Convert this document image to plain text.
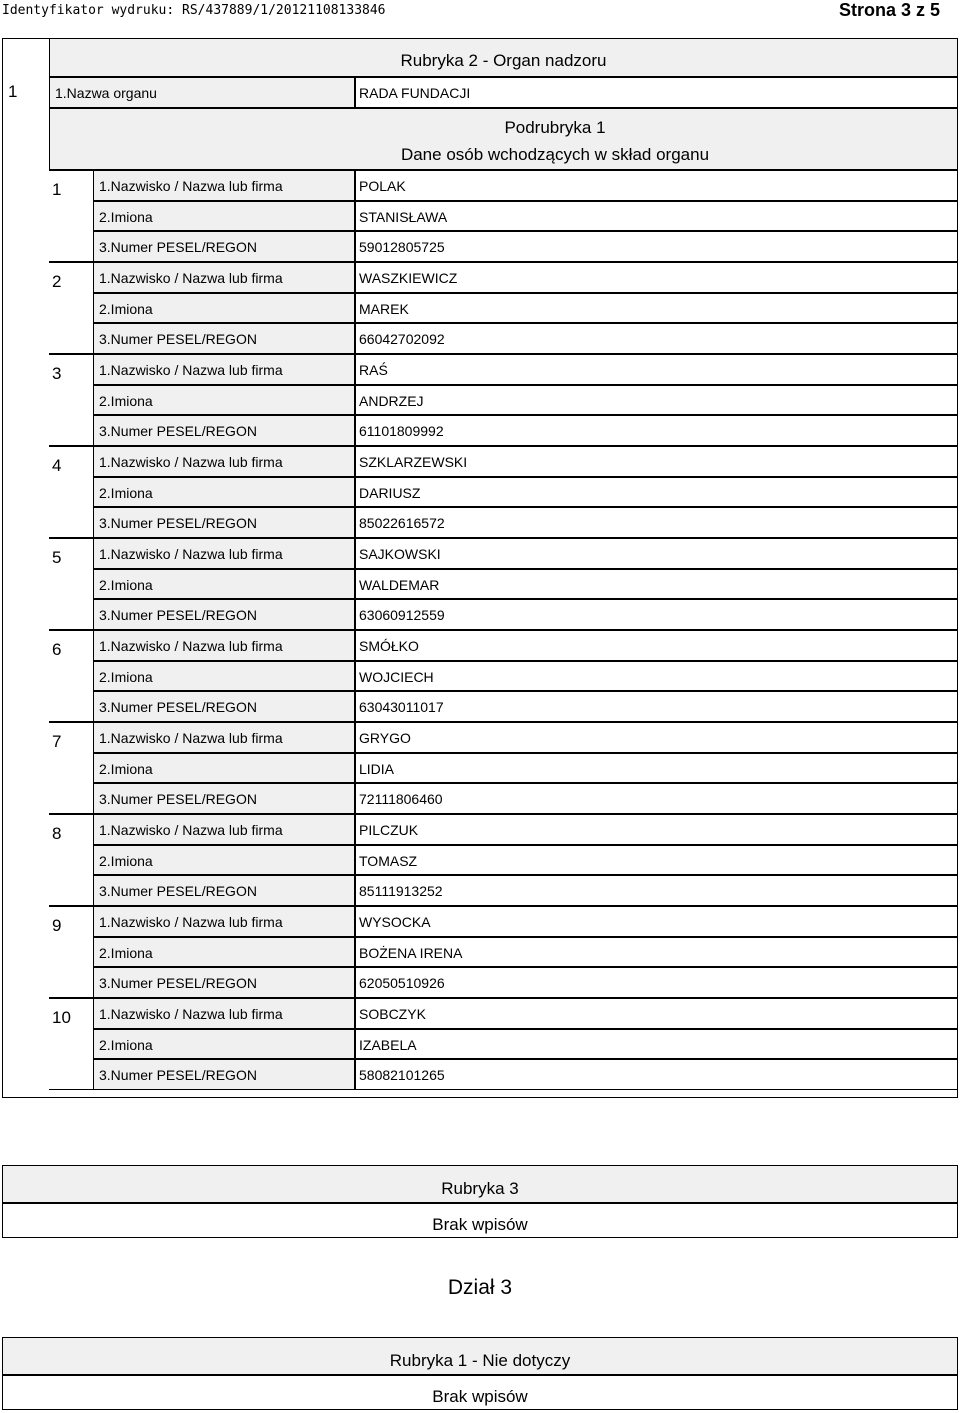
Identyfikator wydruku: RS/437889/1/20121108133846	Strona 3 z 5
Rubryka 2 - Organ nadzoru
1	1.Nazwa organu	RADA FUNDACJI
Podrubryka 1
Dane osób wchodzących w skład organu
1	1.Nazwisko / Nazwa lub firma	POLAK
2.Imiona	STANISŁAWA
3.Numer PESEL/REGON	59012805725
2	1.Nazwisko / Nazwa lub firma	WASZKIEWICZ
2.Imiona	MAREK
3.Numer PESEL/REGON	66042702092
3	1.Nazwisko / Nazwa lub firma	RAŚ
2.Imiona	ANDRZEJ
3.Numer PESEL/REGON	61101809992
4	1.Nazwisko / Nazwa lub firma	SZKLARZEWSKI
2.Imiona	DARIUSZ
3.Numer PESEL/REGON	85022616572
5	1.Nazwisko / Nazwa lub firma	SAJKOWSKI
2.Imiona	WALDEMAR
3.Numer PESEL/REGON	63060912559
6	1.Nazwisko / Nazwa lub firma	SMÓŁKO
2.Imiona	WOJCIECH
3.Numer PESEL/REGON	63043011017
7	1.Nazwisko / Nazwa lub firma	GRYGO
2.Imiona	LIDIA
3.Numer PESEL/REGON	72111806460
8	1.Nazwisko / Nazwa lub firma	PILCZUK
2.Imiona	TOMASZ
3.Numer PESEL/REGON	85111913252
9	1.Nazwisko / Nazwa lub firma	WYSOCKA
2.Imiona	BOŻENA IRENA
3.Numer PESEL/REGON	62050510926
10 1.Nazwisko / Nazwa lub firma	SOBCZYK
2.Imiona	IZABELA
3.Numer PESEL/REGON	58082101265
Rubryka 3
Brak wpisów
Dział 3
Rubryka 1 - Nie dotyczy
Brak wpisów
